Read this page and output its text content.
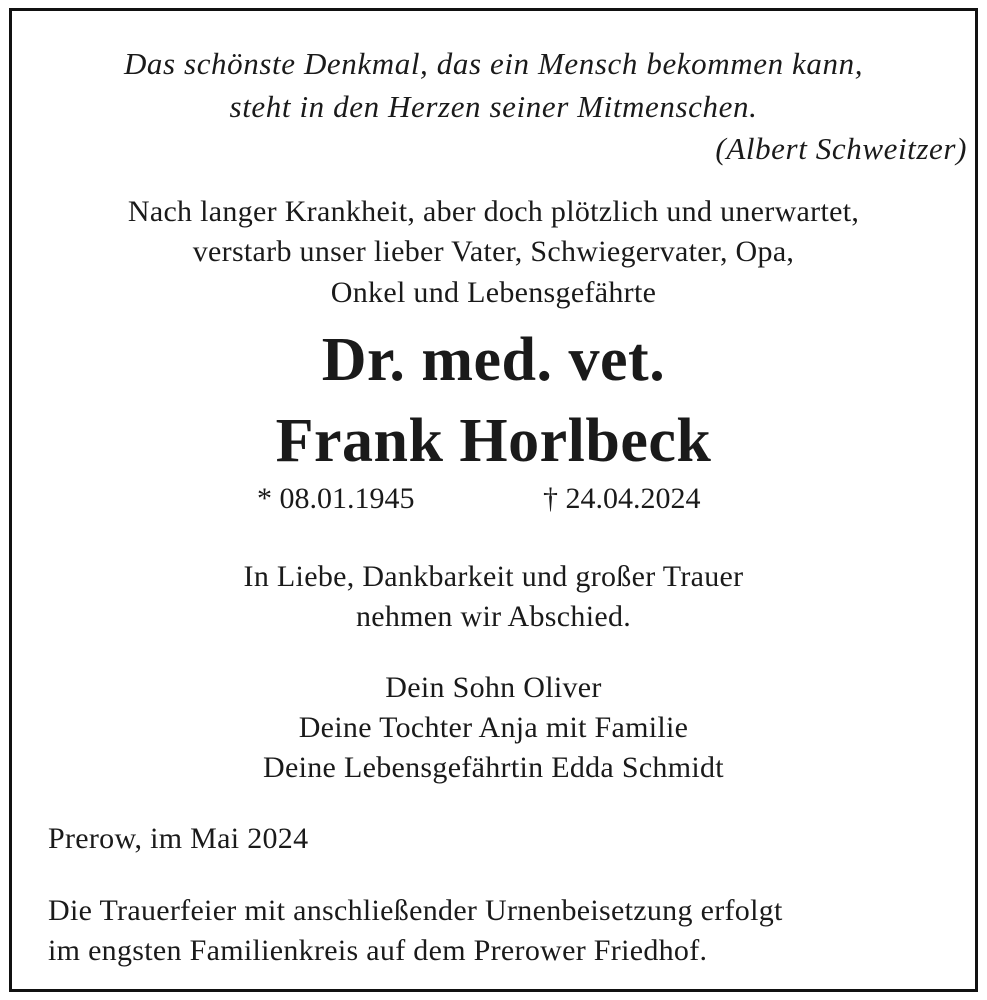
Das schönste Denkmal, das ein Mensch bekommen kann,
steht in den Herzen seiner Mitmenschen.
(Albert Schweitzer)
Nach langer Krankheit, aber doch plötzlich und unerwartet,
verstarb unser lieber Vater, Schwiegervater, Opa,
Onkel und Lebensgefährte
Dr. med. vet.
Frank Horlbeck
* 08.01.1945	† 24.04.2024
In Liebe, Dankbarkeit und großer Trauer
nehmen wir Abschied.
Dein Sohn Oliver
Deine Tochter Anja mit Familie
Deine Lebensgefährtin Edda Schmidt
Prerow, im Mai 2024
Die Trauerfeier mit anschließender Urnenbeisetzung erfolgt
im engsten Familienkreis auf dem Prerower Friedhof.
